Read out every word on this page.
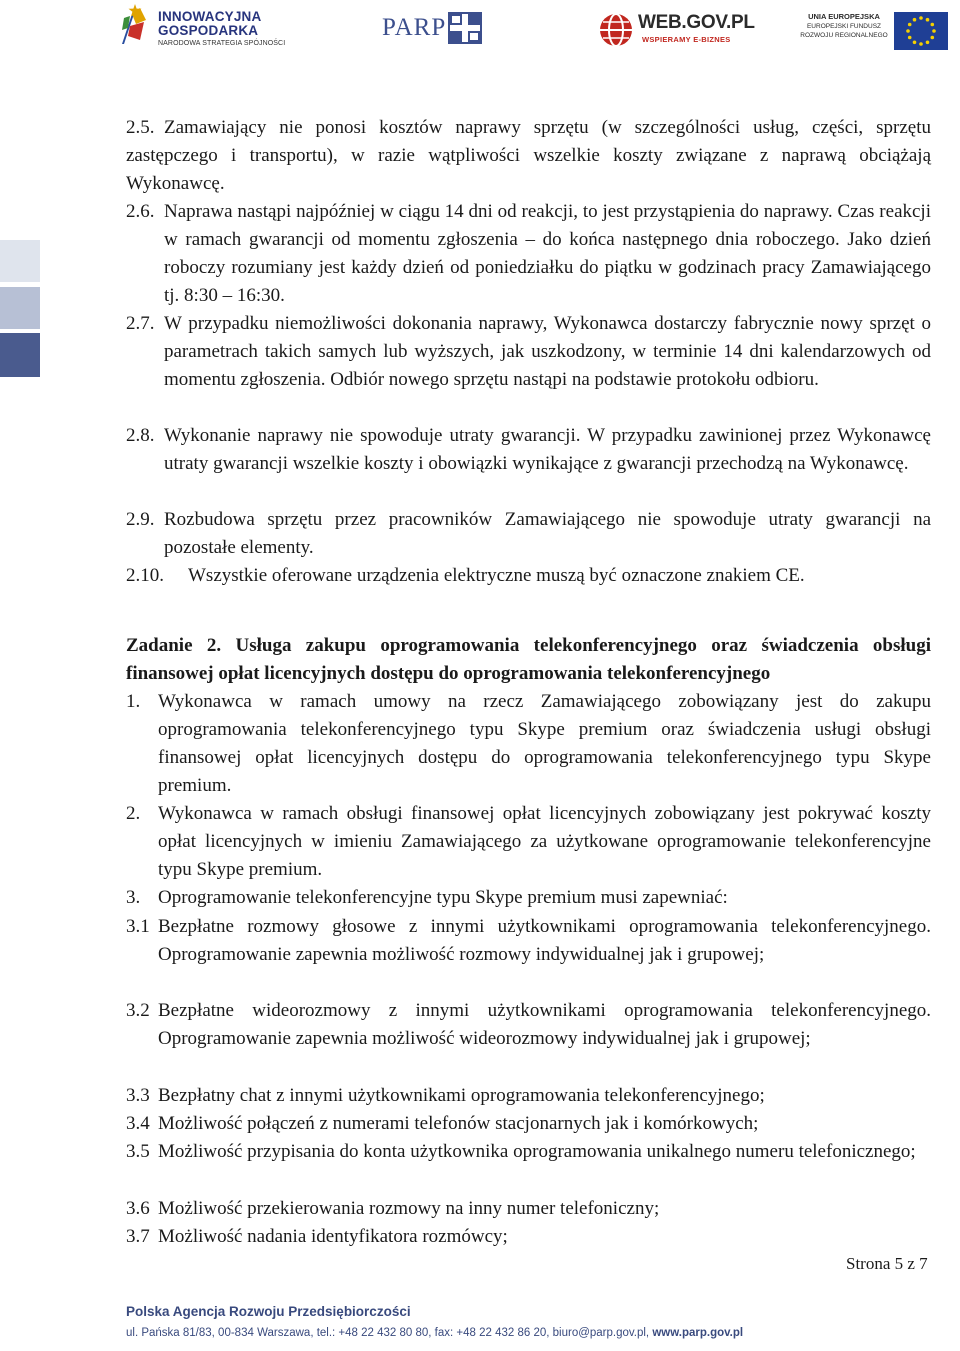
INNOWACYJNA
GOSPODARKA
NARODOWA STRATEGIA SPÓJNOŚCI
PARP	WEB.GOV.PL
WSPIERAMY E-BIZNES
UNIA EUROPEJSKA
EUROPEJSKI FUNDUSZ
ROZWOJU REGIONALNEGO
2.5. Zamawiający nie ponosi kosztów naprawy sprzętu (w szczególności usług, części, sprzętu zastępczego i transportu), w razie wątpliwości wszelkie koszty związane z naprawą obciążają Wykonawcę.
2.6. Naprawa nastąpi najpóźniej w ciągu 14 dni od reakcji, to jest przystąpienia do naprawy. Czas reakcji w ramach gwarancji od momentu zgłoszenia – do końca następnego dnia roboczego. Jako dzień roboczy rozumiany jest każdy dzień od poniedziałku do piątku w godzinach pracy Zamawiającego tj. 8:30 – 16:30.
2.7. W przypadku niemożliwości dokonania naprawy, Wykonawca dostarczy fabrycznie nowy sprzęt o parametrach takich samych lub wyższych, jak uszkodzony, w terminie 14 dni kalendarzowych od momentu zgłoszenia. Odbiór nowego sprzętu nastąpi na podstawie protokołu odbioru.
2.8. Wykonanie naprawy nie spowoduje utraty gwarancji. W przypadku zawinionej przez Wykonawcę utraty gwarancji wszelkie koszty i obowiązki wynikające z gwarancji przechodzą na Wykonawcę.
2.9. Rozbudowa sprzętu przez pracowników Zamawiającego nie spowoduje utraty gwarancji na pozostałe elementy.
2.10.	Wszystkie oferowane urządzenia elektryczne muszą być oznaczone znakiem CE.
Zadanie 2. Usługa zakupu oprogramowania telekonferencyjnego oraz świadczenia obsługi finansowej opłat licencyjnych dostępu do oprogramowania telekonferencyjnego
1. Wykonawca w ramach umowy na rzecz Zamawiającego zobowiązany jest do zakupu oprogramowania telekonferencyjnego typu Skype premium oraz świadczenia usługi obsługi finansowej opłat licencyjnych dostępu do oprogramowania telekonferencyjnego typu Skype premium.
2. Wykonawca w ramach obsługi finansowej opłat licencyjnych zobowiązany jest pokrywać koszty opłat licencyjnych w imieniu Zamawiającego za użytkowane oprogramowanie telekonferencyjne typu Skype premium.
3. Oprogramowanie telekonferencyjne typu Skype premium musi zapewniać:
3.1 Bezpłatne rozmowy głosowe z innymi użytkownikami oprogramowania telekonferencyjnego. Oprogramowanie zapewnia możliwość rozmowy indywidualnej jak i grupowej;
3.2 Bezpłatne wideorozmowy z innymi użytkownikami oprogramowania telekonferencyjnego. Oprogramowanie zapewnia możliwość wideorozmowy indywidualnej jak i grupowej;
3.3 Bezpłatny chat z innymi użytkownikami oprogramowania telekonferencyjnego;
3.4 Możliwość połączeń z numerami telefonów stacjonarnych jak i komórkowych;
3.5 Możliwość przypisania do konta użytkownika oprogramowania unikalnego numeru telefonicznego;
3.6 Możliwość przekierowania rozmowy na inny numer telefoniczny;
3.7 Możliwość nadania identyfikatora rozmówcy;
Strona 5 z 7
Polska Agencja Rozwoju Przedsiębiorczości
ul. Pańska 81/83, 00-834 Warszawa, tel.: +48 22 432 80 80, fax: +48 22 432 86 20, biuro@parp.gov.pl, www.parp.gov.pl
